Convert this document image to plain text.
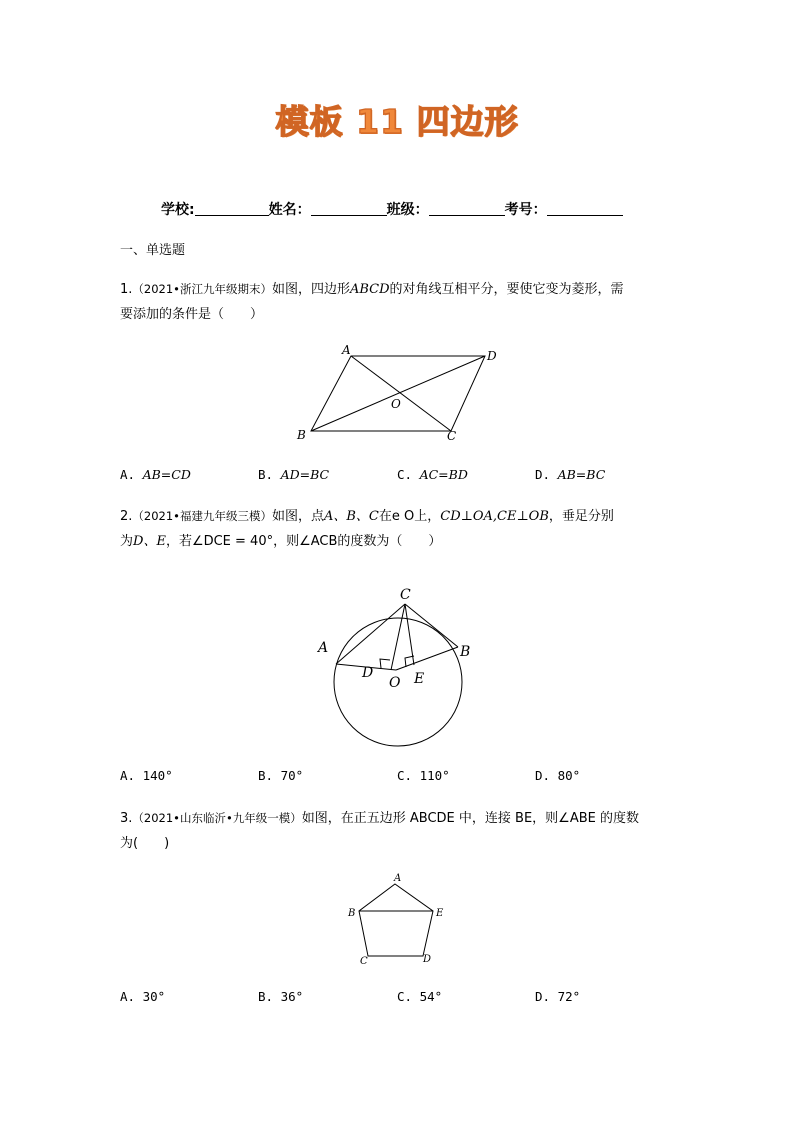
模板 11 四边形
学校:	姓名：	班级：	考号：
一、单选题
1.（2021•浙江九年级期末）如图，四边形ABCD的对角线互相平分，要使它变为菱形，需
要添加的条件是（　　）
A	D
O
B	C
A. AB=CD	B. AD=BC	C. AC=BD	D. AB=BC
2.（2021•福建九年级三模）如图，点A、B、C在e O上，CD⊥OA,CE⊥OB，垂足分别
为D、E，若∠DCE = 40°，则∠ACB的度数为（　　）
C
A	B
D
O E
A. 140°	B. 70°	C. 110°	D. 80°
3.（2021•山东临沂•九年级一模）如图，在正五边形 ABCDE 中，连接 BE，则∠ABE 的度数
为(　　)
A
B	E
C	D
A. 30°	B. 36°	C. 54°	D. 72°
